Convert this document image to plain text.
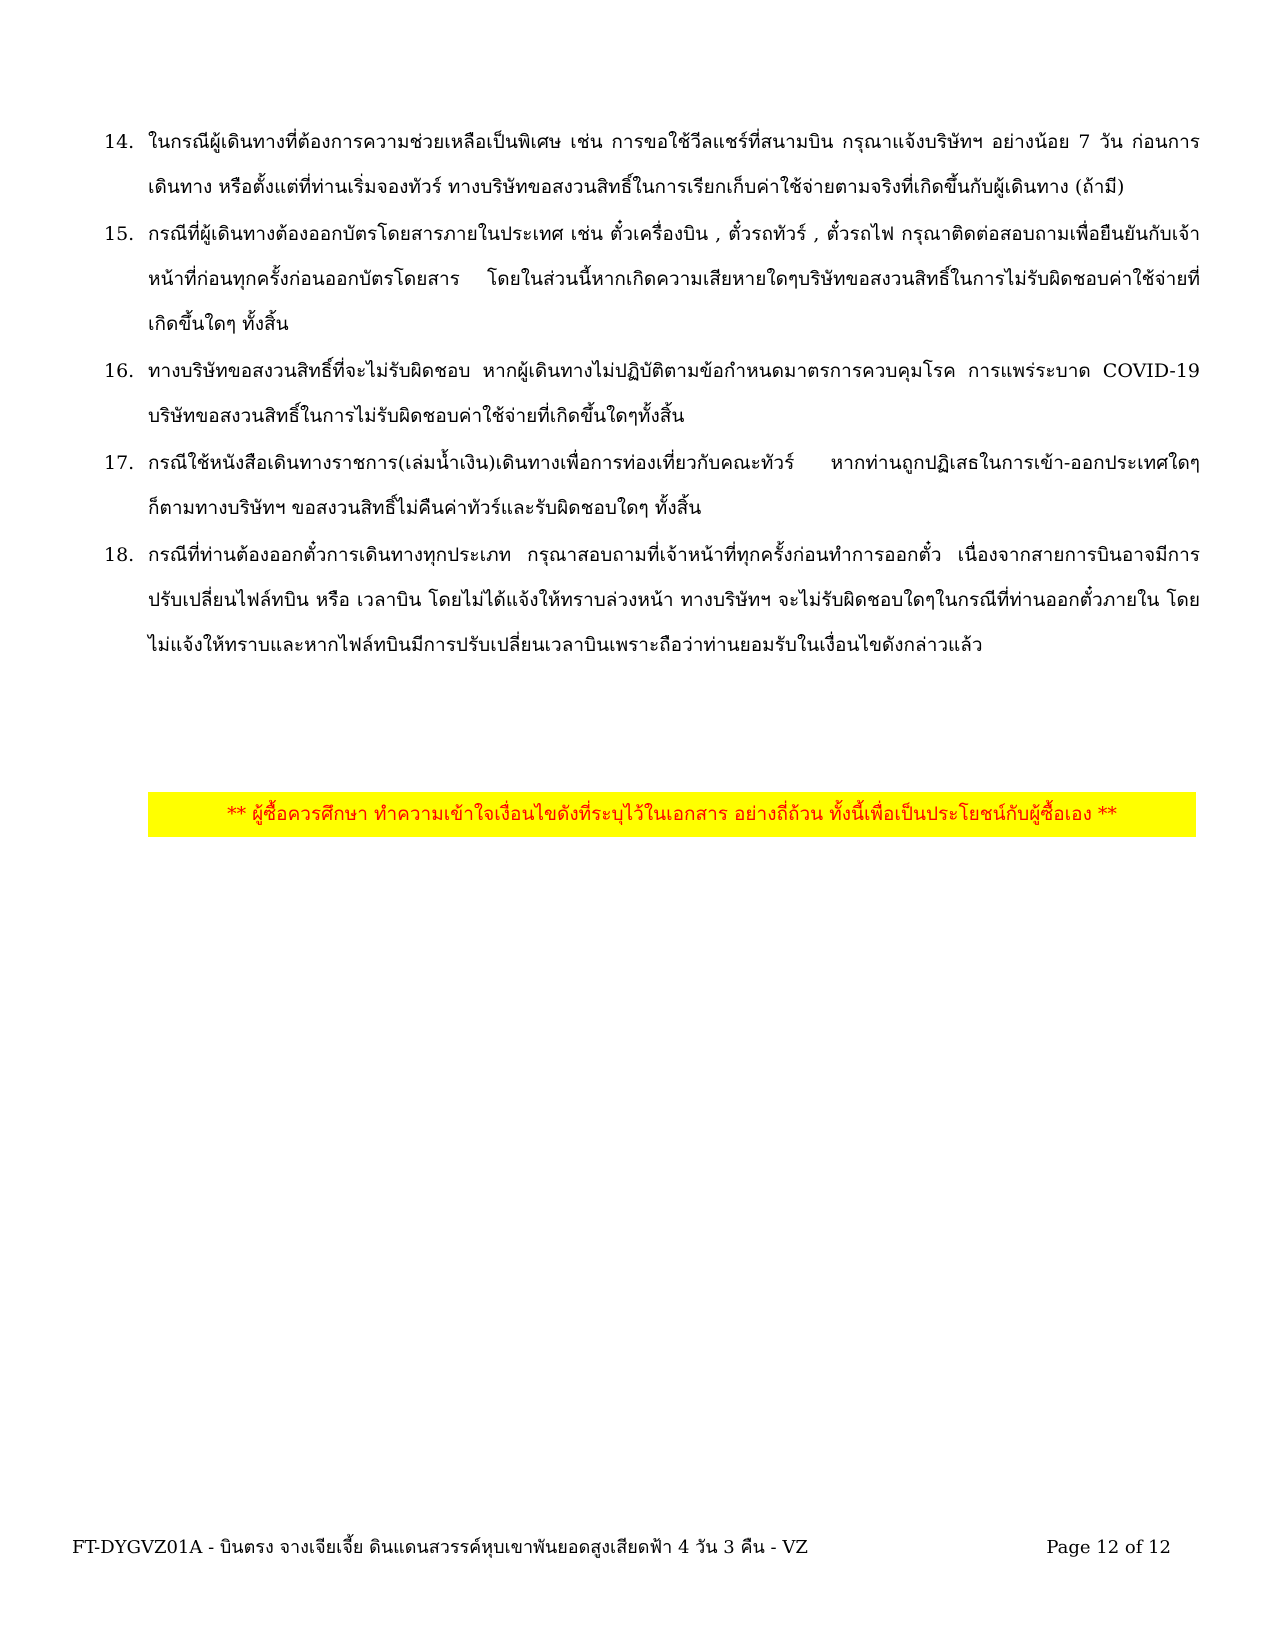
14. ในกรณีผู้เดินทางที่ต้องการความช่วยเหลือเป็นพิเศษ เช่น การขอใช้วีลแชร์ที่สนามบิน กรุณาแจ้งบริษัทฯ อย่างน้อย 7 วัน ก่อนการเดินทาง หรือตั้งแต่ที่ท่านเริ่มจองทัวร์ ทางบริษัทขอสงวนสิทธิ์ในการเรียกเก็บค่าใช้จ่ายตามจริงที่เกิดขึ้นกับผู้เดินทาง (ถ้ามี)
15. กรณีที่ผู้เดินทางต้องออกบัตรโดยสารภายในประเทศ เช่น ตั๋วเครื่องบิน , ตั๋วรถทัวร์ , ตั๋วรถไฟ กรุณาติดต่อสอบถามเพื่อยืนยันกับเจ้าหน้าที่ก่อนทุกครั้งก่อนออกบัตรโดยสาร โดยในส่วนนี้หากเกิดความเสียหายใดๆบริษัทขอสงวนสิทธิ์ในการไม่รับผิดชอบค่าใช้จ่ายที่เกิดขึ้นใดๆ ทั้งสิ้น
16. ทางบริษัทขอสงวนสิทธิ์ที่จะไม่รับผิดชอบ หากผู้เดินทางไม่ปฏิบัติตามข้อกำหนดมาตรการควบคุมโรค การแพร่ระบาด COVID-19 บริษัทขอสงวนสิทธิ์ในการไม่รับผิดชอบค่าใช้จ่ายที่เกิดขึ้นใดๆทั้งสิ้น
17. กรณีใช้หนังสือเดินทางราชการ(เล่มน้ำเงิน)เดินทางเพื่อการท่องเที่ยวกับคณะทัวร์ หากท่านถูกปฏิเสธในการเข้า-ออกประเทศใดๆ ก็ตามทางบริษัทฯ ขอสงวนสิทธิ์ไม่คืนค่าทัวร์และรับผิดชอบใดๆ ทั้งสิ้น
18. กรณีที่ท่านต้องออกตั๋วการเดินทางทุกประเภท กรุณาสอบถามที่เจ้าหน้าที่ทุกครั้งก่อนทำการออกตั๋ว เนื่องจากสายการบินอาจมีการปรับเปลี่ยนไฟล์ทบิน หรือ เวลาบิน โดยไม่ได้แจ้งให้ทราบล่วงหน้า ทางบริษัทฯ จะไม่รับผิดชอบใดๆในกรณีที่ท่านออกตั๋วภายใน โดยไม่แจ้งให้ทราบและหากไฟล์ทบินมีการปรับเปลี่ยนเวลาบินเพราะถือว่าท่านยอมรับในเงื่อนไขดังกล่าวแล้ว
** ผู้ซื้อควรศึกษา ทำความเข้าใจเงื่อนไขดังที่ระบุไว้ในเอกสาร อย่างถี่ถ้วน ทั้งนี้เพื่อเป็นประโยชน์กับผู้ซื้อเอง **
FT-DYGVZ01A - บินตรง จางเจียเจี้ย ดินแดนสวรรค์หุบเขาพันยอดสูงเสียดฟ้า 4 วัน 3 คืน - VZ	Page 12 of 12
